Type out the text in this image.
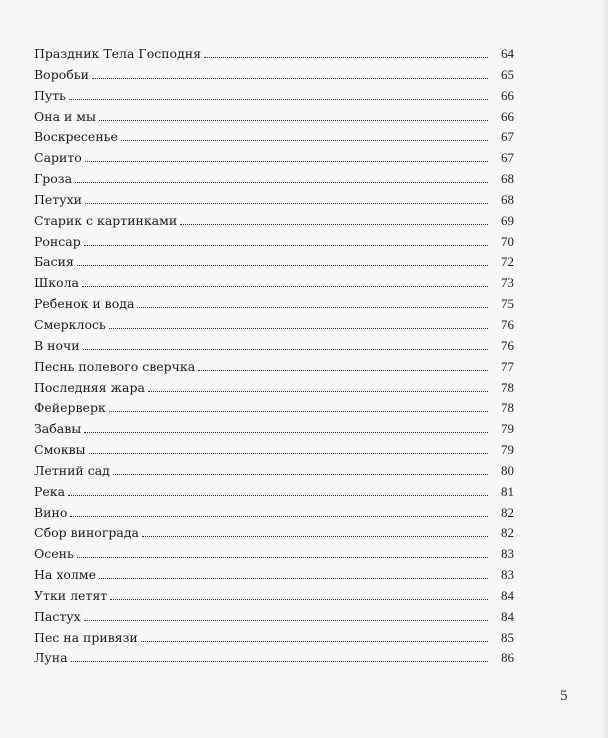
Праздник Тела Господня	64
Воробьи	65
Путь	66
Она и мы	66
Воскресенье	67
Сарито	67
Гроза	68
Петухи	68
Старик с картинками	69
Ронсар	70
Басия	72
Школа	73
Ребенок и вода	75
Смерклось	76
В ночи	76
Песнь полевого сверчка	77
Последняя жара	78
Фейерверк	78
Забавы	79
Смоквы	79
Летний сад	80
Река	81
Вино	82
Сбор винограда	82
Осень	83
На холме	83
Утки летят	84
Пастух	84
Пес на привязи	85
Луна	86
5
